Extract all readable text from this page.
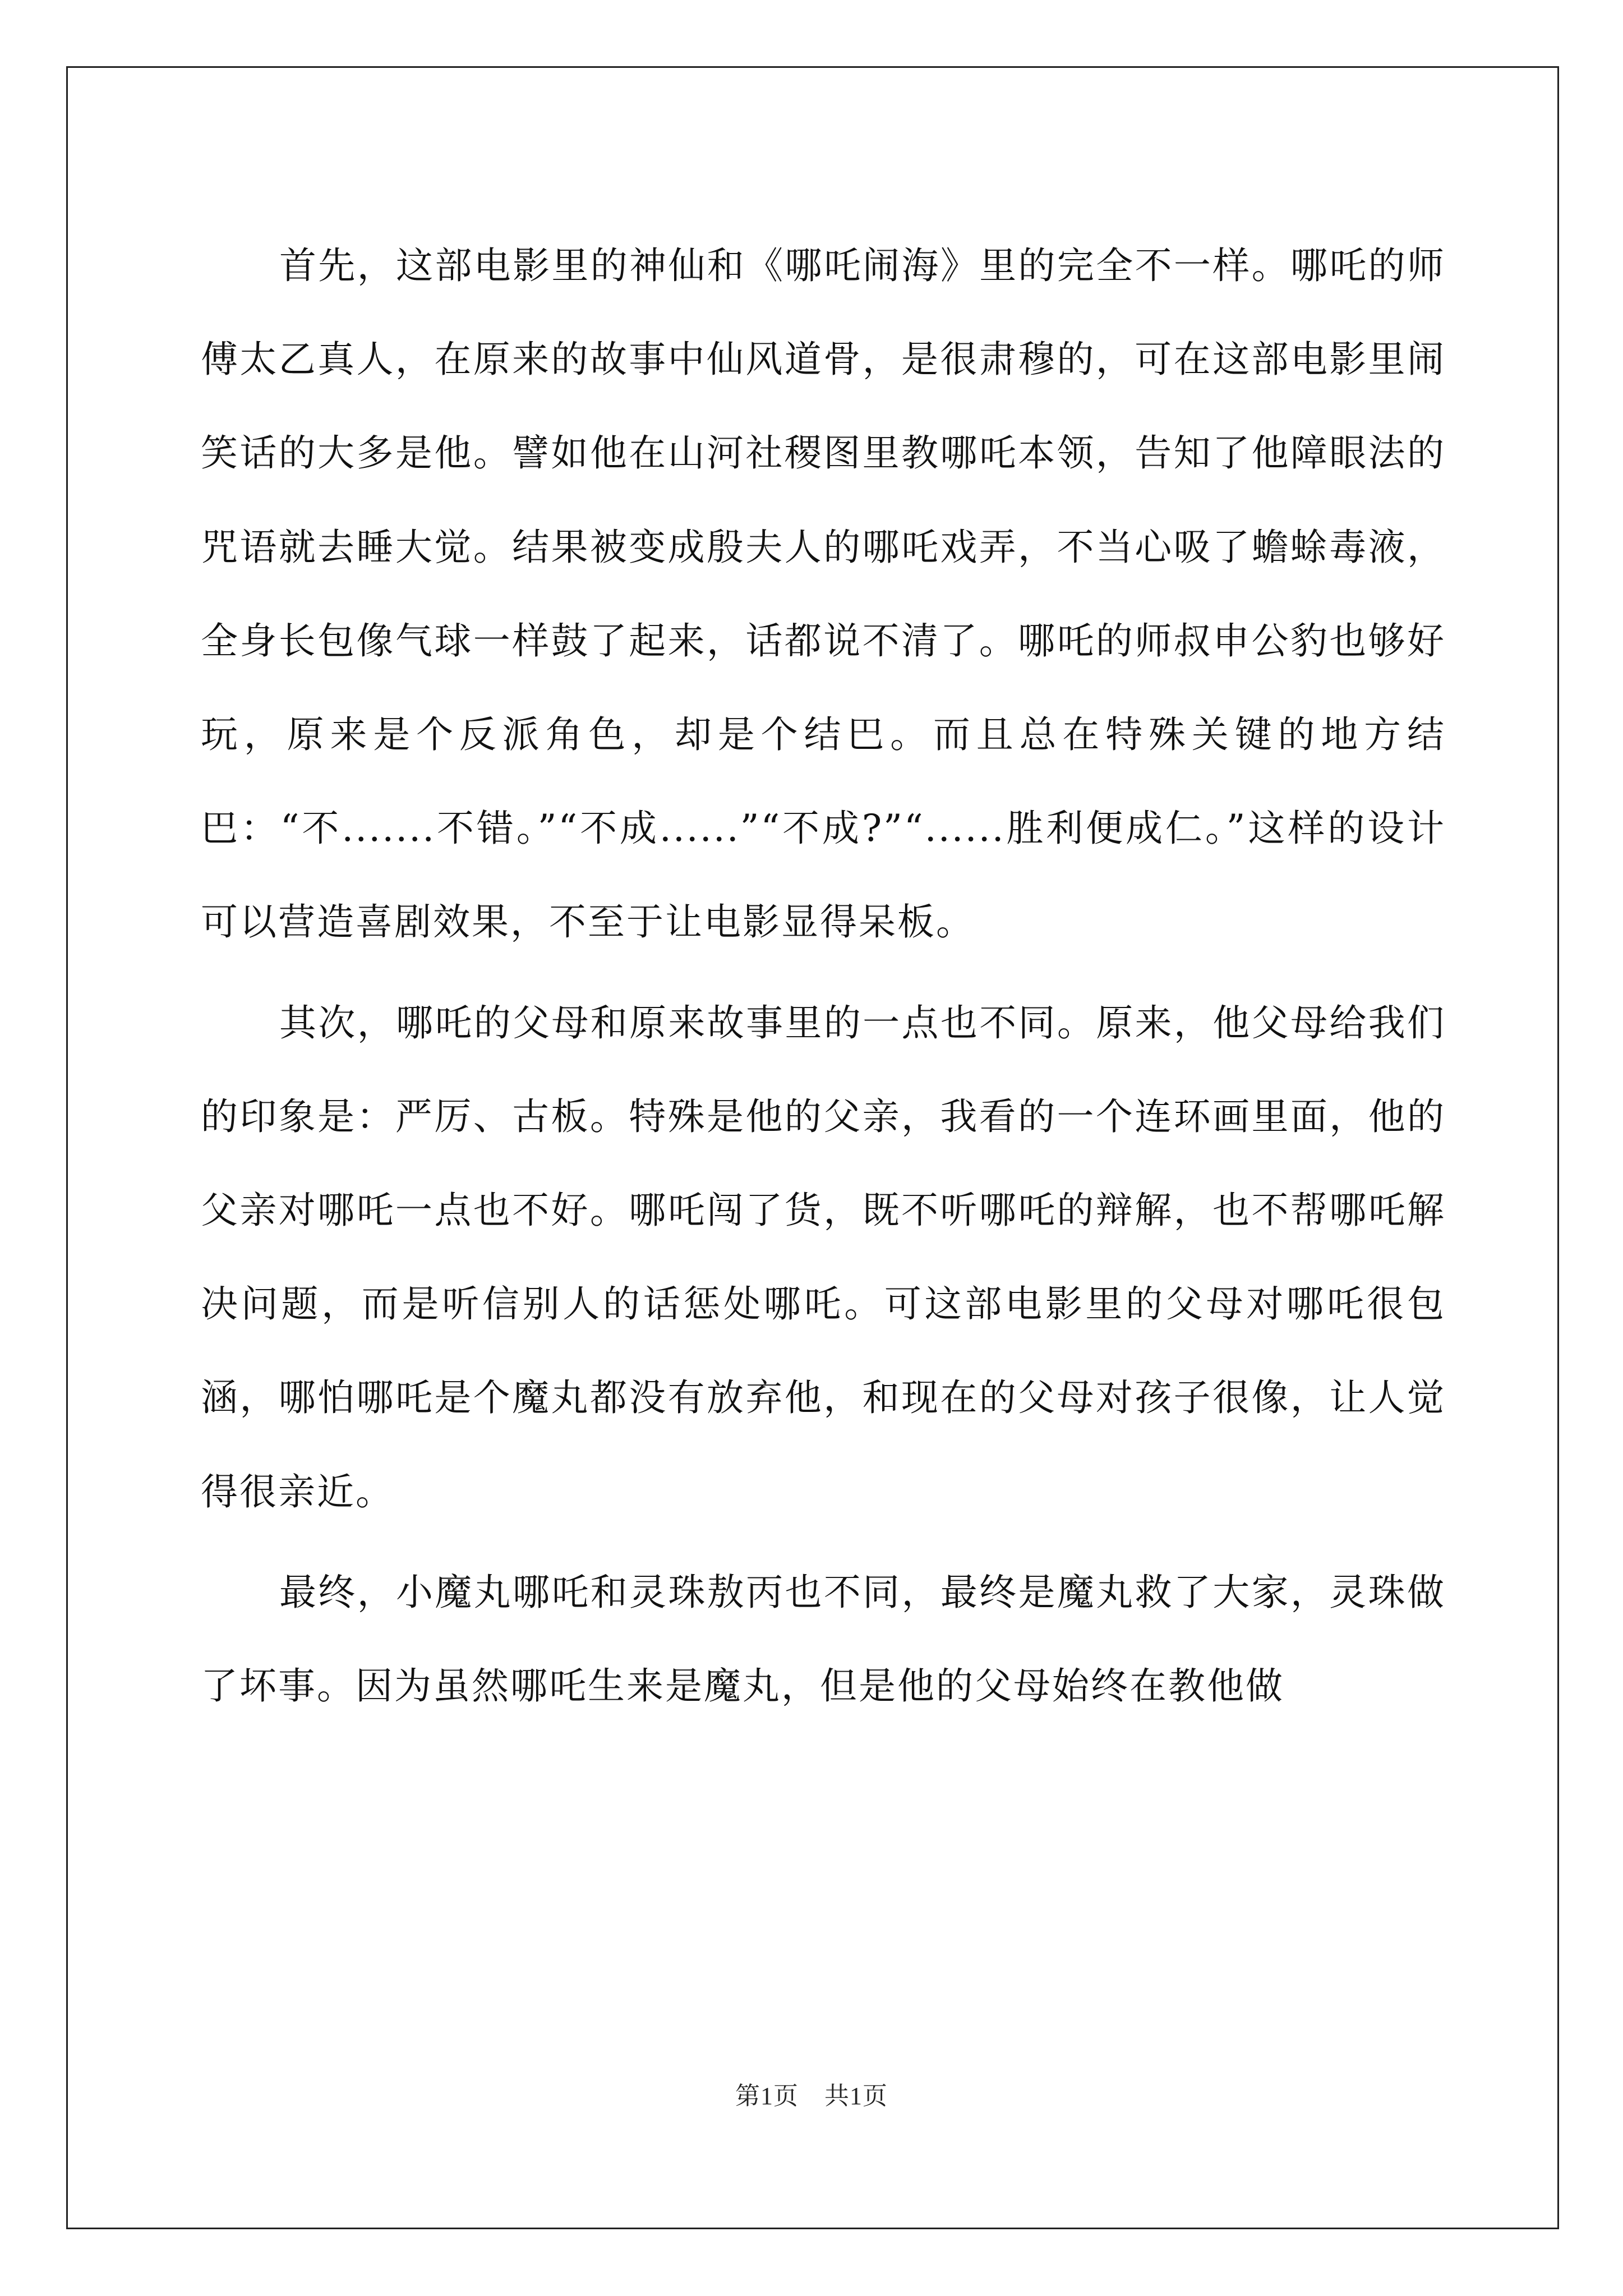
首先，这部电影里的神仙和《哪吒闹海》里的完全不一样。哪吒的师傅太乙真人，在原来的故事中仙风道骨，是很肃穆的，可在这部电影里闹笑话的大多是他。譬如他在山河社稷图里教哪吒本领，告知了他障眼法的咒语就去睡大觉。结果被变成殷夫人的哪吒戏弄，不当心吸了蟾蜍毒液，全身长包像气球一样鼓了起来，话都说不清了。哪吒的师叔申公豹也够好玩，原来是个反派角色，却是个结巴。而且总在特殊关键的地方结巴：“不.......不错。”“不成......”“不成?”“......胜利便成仁。”这样的设计可以营造喜剧效果，不至于让电影显得呆板。

其次，哪吒的父母和原来故事里的一点也不同。原来，他父母给我们的印象是：严厉、古板。特殊是他的父亲，我看的一个连环画里面，他的父亲对哪吒一点也不好。哪吒闯了货，既不听哪吒的辩解，也不帮哪吒解决问题，而是听信别人的话惩处哪吒。可这部电影里的父母对哪吒很包涵，哪怕哪吒是个魔丸都没有放弃他，和现在的父母对孩子很像，让人觉得很亲近。

最终，小魔丸哪吒和灵珠敖丙也不同，最终是魔丸救了大家，灵珠做了坏事。因为虽然哪吒生来是魔丸，但是他的父母始终在教他做

第1页 共1页
